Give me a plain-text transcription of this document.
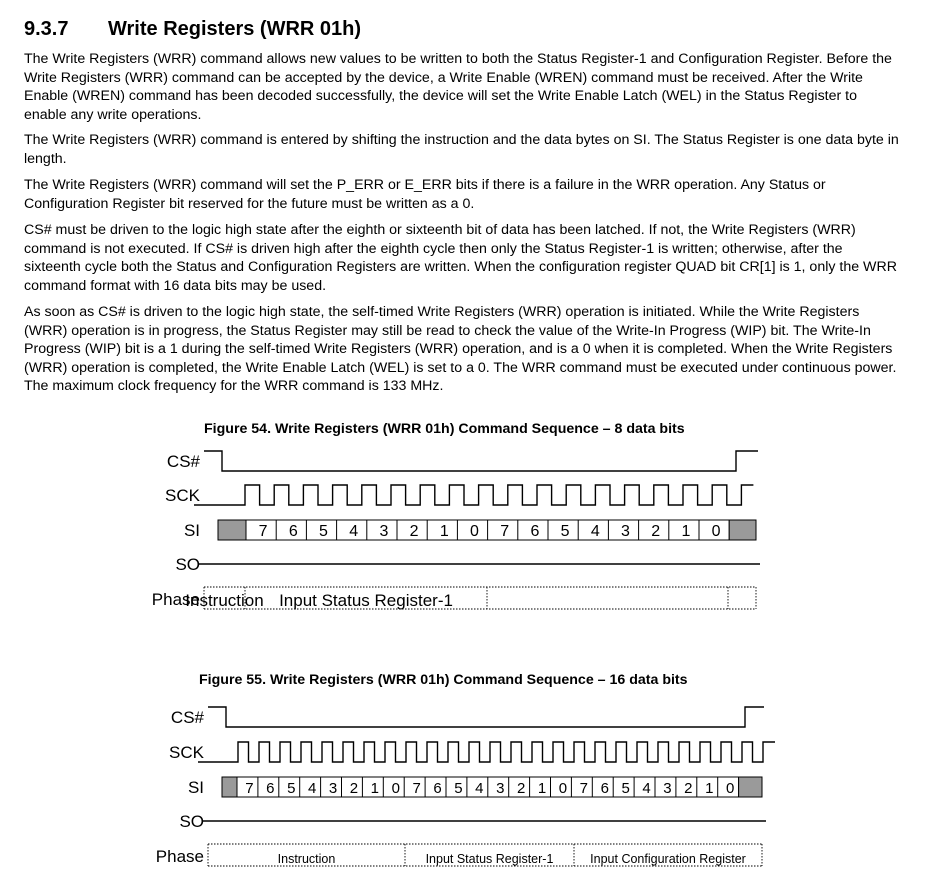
9.3.7 Write Registers (WRR 01h)

The Write Registers (WRR) command allows new values to be written to both the Status Register-1 and Configuration Register. Before the Write Registers (WRR) command can be accepted by the device, a Write Enable (WREN) command must be received. After the Write Enable (WREN) command has been decoded successfully, the device will set the Write Enable Latch (WEL) in the Status Register to enable any write operations.

The Write Registers (WRR) command is entered by shifting the instruction and the data bytes on SI. The Status Register is one data byte in length.

The Write Registers (WRR) command will set the P_ERR or E_ERR bits if there is a failure in the WRR operation. Any Status or Configuration Register bit reserved for the future must be written as a 0.

CS# must be driven to the logic high state after the eighth or sixteenth bit of data has been latched. If not, the Write Registers (WRR) command is not executed. If CS# is driven high after the eighth cycle then only the Status Register-1 is written; otherwise, after the sixteenth cycle both the Status and Configuration Registers are written. When the configuration register QUAD bit CR[1] is 1, only the WRR command format with 16 data bits may be used.

As soon as CS# is driven to the logic high state, the self-timed Write Registers (WRR) operation is initiated. While the Write Registers (WRR) operation is in progress, the Status Register may still be read to check the value of the Write-In Progress (WIP) bit. The Write-In Progress (WIP) bit is a 1 during the self-timed Write Registers (WRR) operation, and is a 0 when it is completed. When the Write Registers (WRR) operation is completed, the Write Enable Latch (WEL) is set to a 0. The WRR command must be executed under continuous power. The maximum clock frequency for the WRR command is 133 MHz.

Figure 54. Write Registers (WRR 01h) Command Sequence – 8 data bits
CS#
SCK
SI
SO
Phase
7 6 5 4 3 2 1 0 7 6 5 4 3 2 1 0
Instruction Input Status Register-1
Figure 55. Write Registers (WRR 01h) Command Sequence – 16 data bits
CS#
SCK
SI
SO
Phase
7 6 5 4 3 2 1 0 7 6 5 4 3 2 1 0 7 6 5 4 3 2 1 0
Instruction	Input Status Register-1	Input Configuration Register
